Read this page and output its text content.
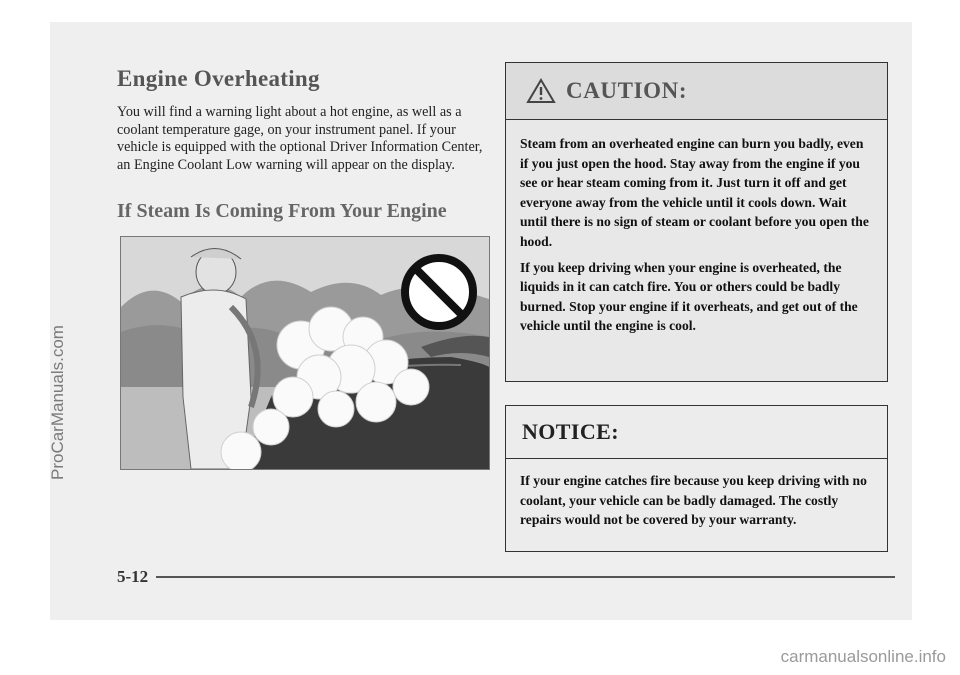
ProCarManuals.com
Engine Overheating
You will find a warning light about a hot engine, as well as a coolant temperature gage, on your instrument panel. If your vehicle is equipped with the optional Driver Information Center, an Engine Coolant Low warning will appear on the display.
If Steam Is Coming From Your Engine
CAUTION:

Steam from an overheated engine can burn you badly, even if you just open the hood. Stay away from the engine if you see or hear steam coming from it. Just turn it off and get everyone away from the vehicle until it cools down. Wait until there is no sign of steam or coolant before you open the hood.

If you keep driving when your engine is overheated, the liquids in it can catch fire. You or others could be badly burned. Stop your engine if it overheats, and get out of the vehicle until the engine is cool.

NOTICE:
If your engine catches fire because you keep driving with no coolant, your vehicle can be badly damaged. The costly repairs would not be covered by your warranty.
5-12
carmanualsonline.info
